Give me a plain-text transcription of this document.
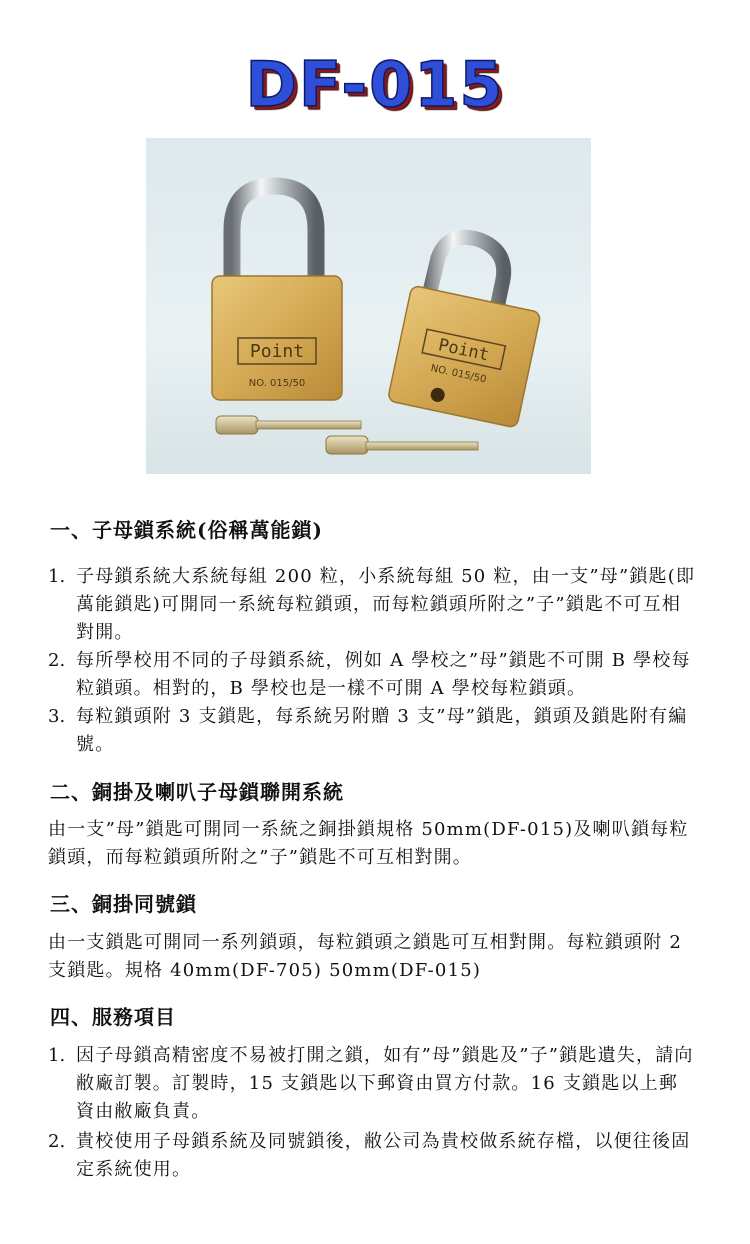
DF-015
Point
NO. 015/50
Point
NO. 015/50
一、子母鎖系統(俗稱萬能鎖)
1. 子母鎖系統大系統每組 200 粒，小系統每組 50 粒，由一支”母”鎖匙(即萬能鎖匙)可開同一系統每粒鎖頭，而每粒鎖頭所附之”子”鎖匙不可互相對開。
2. 每所學校用不同的子母鎖系統，例如 A 學校之”母”鎖匙不可開 B 學校每粒鎖頭。相對的，B 學校也是一樣不可開 A 學校每粒鎖頭。
3. 每粒鎖頭附 3 支鎖匙，每系統另附贈 3 支”母”鎖匙，鎖頭及鎖匙附有編號。
二、銅掛及喇叭子母鎖聯開系統
由一支”母”鎖匙可開同一系統之銅掛鎖規格 50mm(DF-015)及喇叭鎖每粒鎖頭，而每粒鎖頭所附之”子”鎖匙不可互相對開。
三、銅掛同號鎖
由一支鎖匙可開同一系列鎖頭，每粒鎖頭之鎖匙可互相對開。每粒鎖頭附 2 支鎖匙。規格 40mm(DF-705) 50mm(DF-015)
四、服務項目
1. 因子母鎖高精密度不易被打開之鎖，如有”母”鎖匙及”子”鎖匙遺失，請向敝廠訂製。訂製時，15 支鎖匙以下郵資由買方付款。16 支鎖匙以上郵資由敝廠負責。
2. 貴校使用子母鎖系統及同號鎖後，敝公司為貴校做系統存檔，以便往後固定系統使用。
